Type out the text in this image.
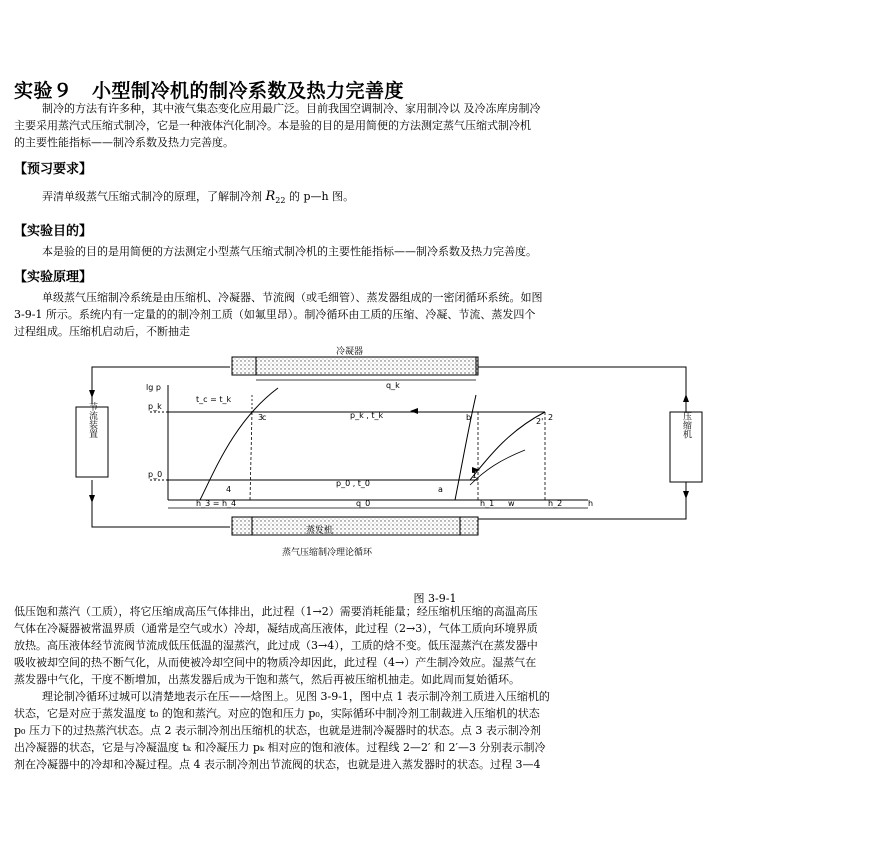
实验９　小型制冷机的制冷系数及热力完善度
制冷的方法有许多种，其中液气集态变化应用最广泛。目前我国空调制冷、家用制冷以 及冷冻库房制冷
主要采用蒸汽式压缩式制冷，它是一种液体汽化制冷。本是验的目的是用简便的方法测定蒸气压缩式制冷机
的主要性能指标——制冷系数及热力完善度。
【预习要求】
弄清单级蒸气压缩式制冷的原理，了解制冷剂 $R_{22}$ 的 p—h 图。
【实验目的】
本是验的目的是用简便的方法测定小型蒸气压缩式制冷机的主要性能指标——制冷系数及热力完善度。
【实验原理】
单级蒸气压缩制冷系统是由压缩机、冷凝器、节流阀（或毛细管）、蒸发器组成的一密闭循环系统。如图
3-9-1 所示。系统内有一定量的的制冷剂工质（如氟里昂）。制冷循环由工质的压缩、冷凝、节流、蒸发四个
过程组成。压缩机启动后，不断抽走
冷凝器
q_k
蒸发机
蒸气压缩制冷理论循环
节流装置	压缩机
lg p
h
p_k
p_k , t_k
p_0
p_0 , t_0
h_3 = h_4	q_0	h_1 w	h_2
t_c = t_k
1
2
3
4	a
b
c	2'
图 3-9-1
低压饱和蒸汽（工质），将它压缩成高压气体排出，此过程（1→2）需要消耗能量；经压缩机压缩的高温高压
气体在冷凝器被常温界质（通常是空气或水）冷却，凝结成高压液体，此过程（2→3），气体工质向环境界质
放热。高压液体经节流阀节流成低压低温的湿蒸汽，此过成（3→4），工质的焓不变。低压湿蒸汽在蒸发器中
吸收被却空间的热不断气化，从而使被冷却空间中的物质冷却因此，此过程（4→）产生制冷效应。湿蒸气在
蒸发器中气化，干度不断增加，出蒸发器后成为干饱和蒸气，然后再被压缩机抽走。如此周而复始循环。
理论制冷循环过城可以清楚地表示在压——焓图上。见图 3-9-1，图中点 1 表示制冷剂工质进入压缩机的
状态，它是对应于蒸发温度 t₀ 的饱和蒸汽。对应的饱和压力 p₀，实际循环中制冷剂工制裁进入压缩机的状态
p₀ 压力下的过热蒸汽状态。点 2 表示制冷剂出压缩机的状态，也就是进制冷凝器时的状态。点 3 表示制冷剂
出冷凝器的状态，它是与冷凝温度 tₖ 和冷凝压力 pₖ 相对应的饱和液体。过程线 2—2′ 和 2′—3 分别表示制冷
剂在冷凝器中的冷却和冷凝过程。点 4 表示制冷剂出节流阀的状态，也就是进入蒸发器时的状态。过程 3—4
